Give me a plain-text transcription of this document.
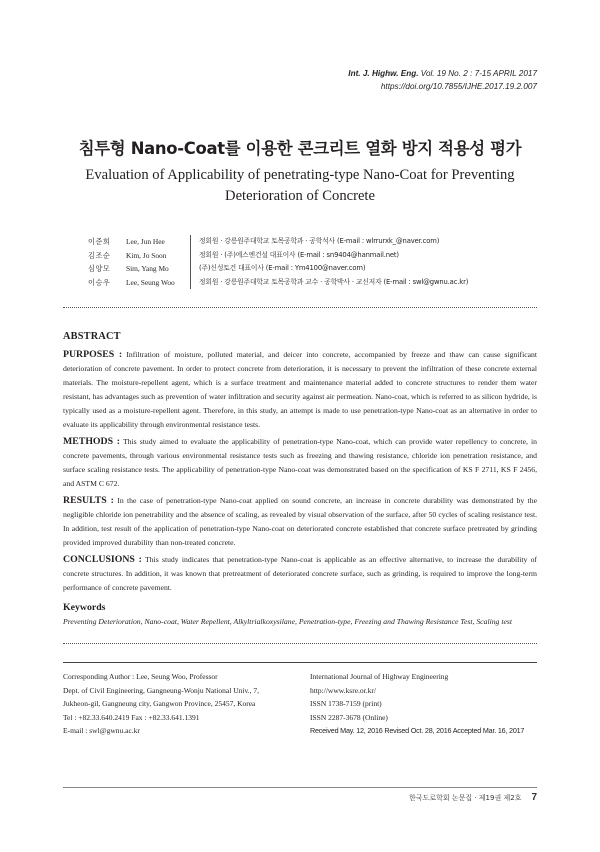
Int. J. Highw. Eng. Vol. 19 No. 2 : 7-15 APRIL 2017
https://doi.org/10.7855/IJHE.2017.19.2.007
침투형 Nano-Coat를 이용한 콘크리트 열화 방지 적용성 평가
Evaluation of Applicability of penetrating-type Nano-Coat for Preventing Deterioration of Concrete
이준희	Lee, Jun Hee	정회원 · 강릉원주대학교 토목공학과 · 공학석사 (E-mail : wlrrurxk_@naver.com)
김조순	Kim, Jo Soon	정회원 · (주)에스엔건설 대표이사 (E-mail : sn9404@hanmail.net)
심양모	Sim, Yang Mo	(주)신성토건 대표이사 (E-mail : Ym4100@naver.com)
이승우	Lee, Seung Woo	정회원 · 강릉원주대학교 토목공학과 교수 · 공학박사 · 교신저자 (E-mail : swl@gwnu.ac.kr)
ABSTRACT

PURPOSES : Infiltration of moisture, polluted material, and deicer into concrete, accompanied by freeze and thaw can cause significant deterioration of concrete pavement. In order to protect concrete from deterioration, it is necessary to prevent the infiltration of these concrete external materials. The moisture-repellent agent, which is a surface treatment and maintenance material added to concrete structures to render them water resistant, has advantages such as prevention of water infiltration and security against air permeation. Nano-coat, which is referred to as silicon hydride, is typically used as a moisture-repellent agent. Therefore, in this study, an attempt is made to use penetration-type Nano-coat as an alternative in order to evaluate its applicability through environmental resistance tests.

METHODS : This study aimed to evaluate the applicability of penetration-type Nano-coat, which can provide water repellency to concrete, in concrete pavements, through various environmental resistance tests such as freezing and thawing resistance, chloride ion penetration resistance, and surface scaling resistance tests. The applicability of penetration-type Nano-coat was demonstrated based on the specification of KS F 2711, KS F 2456, and ASTM C 672.

RESULTS : In the case of penetration-type Nano-coat applied on sound concrete, an increase in concrete durability was demonstrated by the negligible chloride ion penetrability and the absence of scaling, as revealed by visual observation of the surface, after 50 cycles of scaling resistance test. In addition, test result of the application of penetration-type Nano-coat on deteriorated concrete established that concrete surface pretreated by grinding provided improved durability than non-treated concrete.

CONCLUSIONS : This study indicates that penetration-type Nano-coat is applicable as an effective alternative, to increase the durability of concrete structures. In addition, it was known that pretreatment of deteriorated concrete surface, such as grinding, is required to improve the long-term performance of concrete pavement.

Keywords
Preventing Deterioration, Nano-coat, Water Repellent, Alkyltrialkoxysilane, Penetration-type, Freezing and Thawing Resistance Test, Scaling test
Corresponding Author : Lee, Seung Woo, Professor
Dept. of Civil Engineering, Gangneung-Wonju National Univ., 7,
Jukheon-gil, Gangneung city, Gangwon Province, 25457, Korea
Tel : +82.33.640.2419 Fax : +82.33.641.1391
E-mail : swl@gwnu.ac.kr
International Journal of Highway Engineering
http://www.ksre.or.kr/
ISSN 1738-7159 (print)
ISSN 2287-3678 (Online)
Received May. 12, 2016 Revised Oct. 28, 2016 Accepted Mar. 16, 2017
한국도로학회 논문집 · 제19권 제2호 7
